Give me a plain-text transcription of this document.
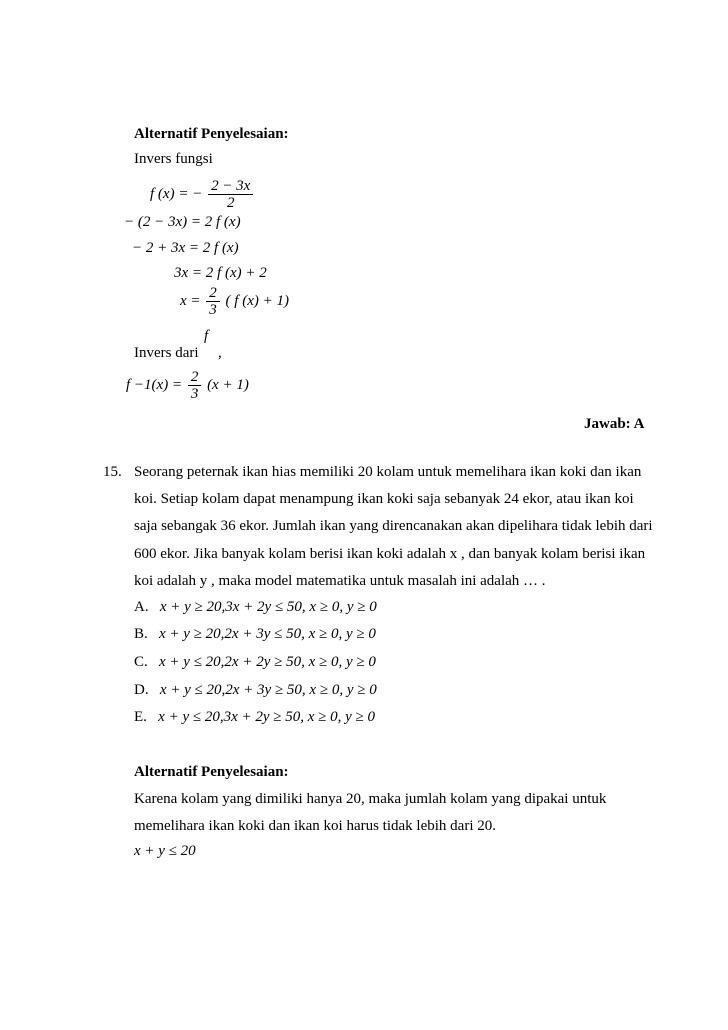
Alternatif Penyelesaian:
Invers fungsi
f (x) = − $\frac{2 - 3x}{2}$
− (2 − 3x) = 2 f (x)
− 2 + 3x = 2 f (x)
3x = 2 f (x) + 2
$x = \frac{2}{3}$ ( f (x) + 1)
f
Invers dari ,
$f -1(x) = \frac{2}{3} (x + 1)$
Jawab: A
15. Seorang peternak ikan hias memiliki 20 kolam untuk memelihara ikan koki dan ikan
koi. Setiap kolam dapat menampung ikan koki saja sebanyak 24 ekor, atau ikan koi
saja sebangak 36 ekor. Jumlah ikan yang direncanakan akan dipelihara tidak lebih dari
600 ekor. Jika banyak kolam berisi ikan koki adalah x , dan banyak kolam berisi ikan
koi adalah y , maka model matematika untuk masalah ini adalah … .
A. x + y ≥ 20,3x + 2y ≤ 50, x ≥ 0, y ≥ 0
B. x + y ≥ 20,2x + 3y ≤ 50, x ≥ 0, y ≥ 0
C. x + y ≤ 20,2x + 2y ≥ 50, x ≥ 0, y ≥ 0
D. x + y ≤ 20,2x + 3y ≥ 50, x ≥ 0, y ≥ 0
E. x + y ≤ 20,3x + 2y ≥ 50, x ≥ 0, y ≥ 0
Alternatif Penyelesaian:
Karena kolam yang dimiliki hanya 20, maka jumlah kolam yang dipakai untuk
memelihara ikan koki dan ikan koi harus tidak lebih dari 20.
x + y ≤ 20
